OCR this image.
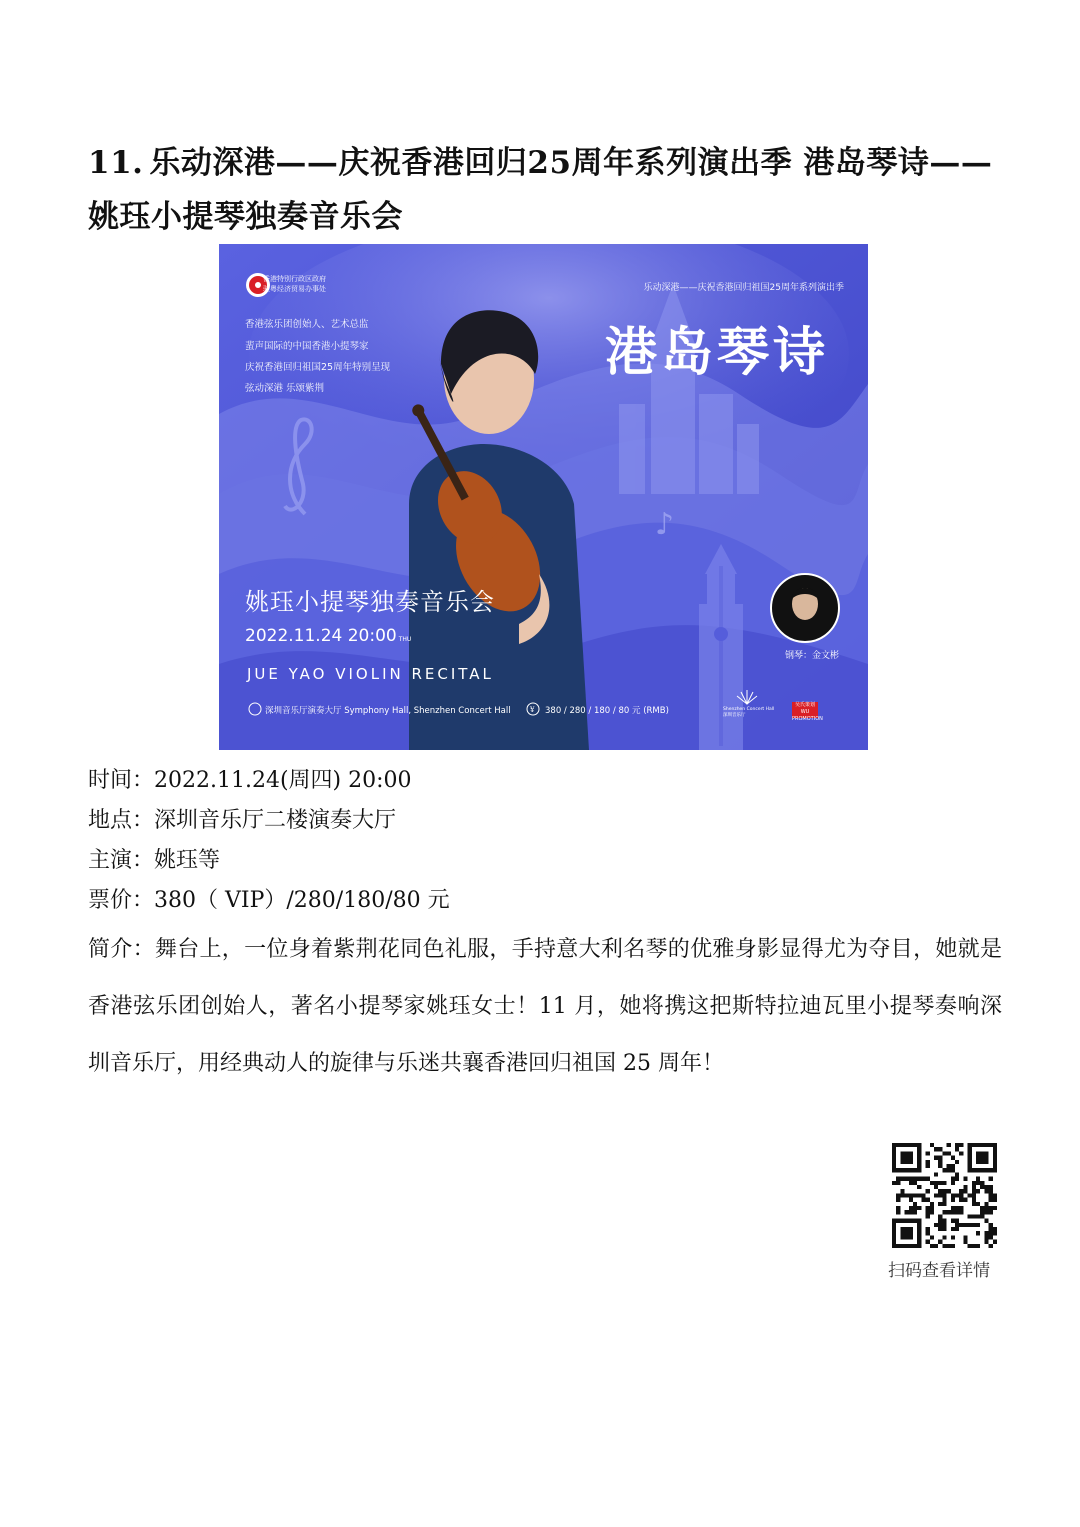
11. 乐动深港——庆祝香港回归25周年系列演出季 港岛琴诗——姚珏小提琴独奏音乐会
♪
¥
香港特别行政区政府
驻粤经济贸易办事处	乐动深港——庆祝香港回归祖国25周年系列演出季
香港弦乐团创始人、艺术总监
蜚声国际的中国香港小提琴家
庆祝香港回归祖国25周年特别呈现
弦动深港 乐颂紫荆
港岛琴诗
姚珏小提琴独奏音乐会
2022.11.24 20:00 THU
JUE YAO VIOLIN RECITAL
深圳音乐厅演奏大厅 Symphony Hall, Shenzhen Concert Hall	380 / 280 / 180 / 80 元 (RMB)
钢琴：金文彬
Shenzhen Concert Hall
深圳音乐厅
吴氏策划
WU PROMOTION
时间：2022.11.24(周四) 20:00
地点：深圳音乐厅二楼演奏大厅
主演：姚珏等
票价：380（ VIP）/280/180/80 元
简介：舞台上，一位身着紫荆花同色礼服，手持意大利名琴的优雅身影显得尤为夺目，她就是香港弦乐团创始人，著名小提琴家姚珏女士！11 月，她将携这把斯特拉迪瓦里小提琴奏响深圳音乐厅，用经典动人的旋律与乐迷共襄香港回归祖国 25 周年！
扫码查看详情
